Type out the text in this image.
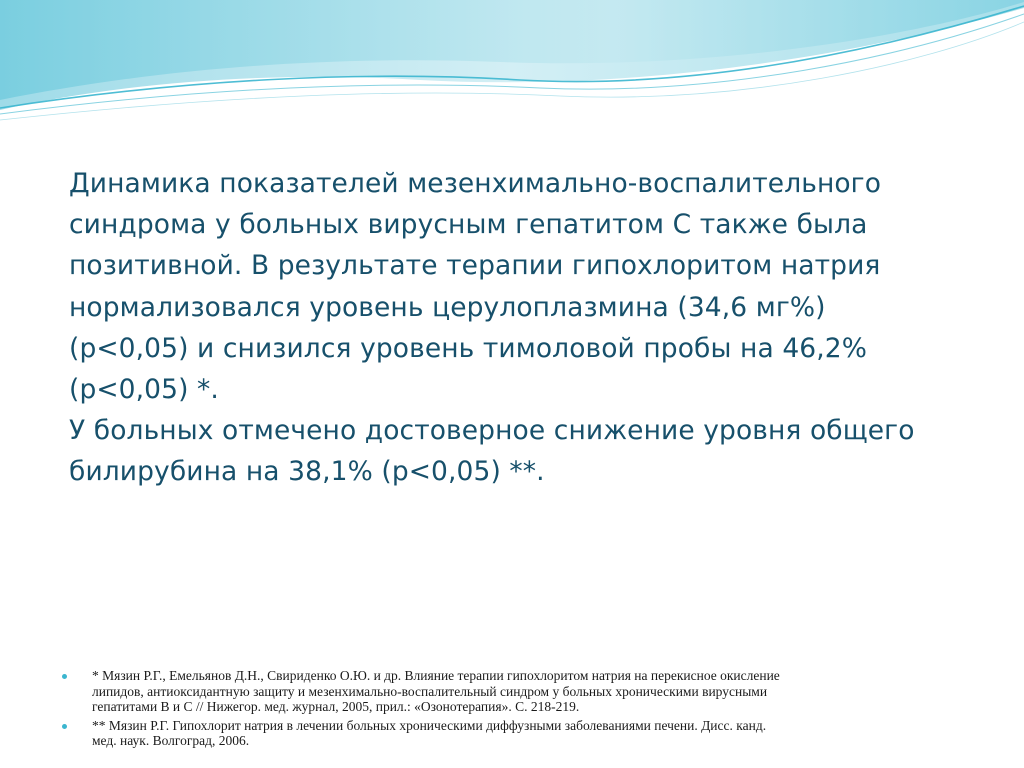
Динамика показателей мезенхимально-воспалительного
синдрома у больных вирусным гепатитом С также была
позитивной. В результате терапии гипохлоритом натрия
нормализовался уровень церулоплазмина (34,6 мг%)
(р<0,05) и снизился уровень тимоловой пробы на 46,2%
(р<0,05) *.
У больных отмечено достоверное снижение уровня общего
билирубина на 38,1% (р<0,05) **.
* Мязин Р.Г., Емельянов Д.Н., Свириденко О.Ю. и др. Влияние терапии гипохлоритом натрия на перекисное окисление
липидов, антиоксидантную защиту и мезенхимально-воспалительный синдром у больных хроническими вирусными
гепатитами В и С // Нижегор. мед. журнал, 2005, прил.: «Озонотерапия». С. 218-219.
** Мязин Р.Г. Гипохлорит натрия в лечении больных хроническими диффузными заболеваниями печени. Дисс. канд.
мед. наук. Волгоград, 2006.
